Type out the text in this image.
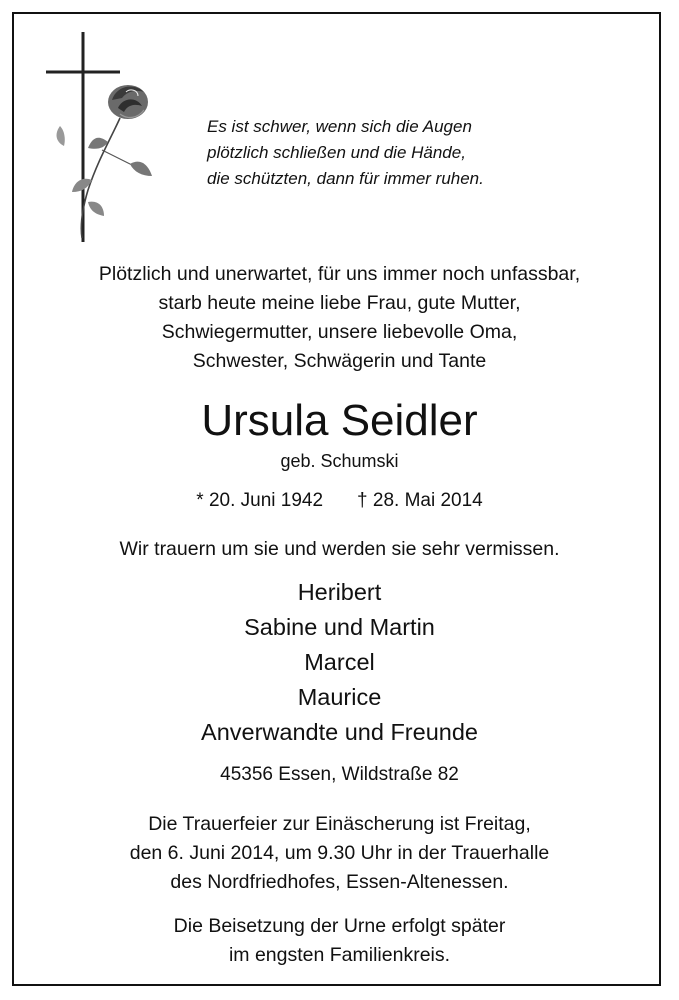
Es ist schwer, wenn sich die Augen
plötzlich schließen und die Hände,
die schützten, dann für immer ruhen.
Plötzlich und unerwartet, für uns immer noch unfassbar,
starb heute meine liebe Frau, gute Mutter,
Schwiegermutter, unsere liebevolle Oma,
Schwester, Schwägerin und Tante
Ursula Seidler
geb. Schumski
* 20. Juni 1942 † 28. Mai 2014
Wir trauern um sie und werden sie sehr vermissen.
Heribert
Sabine und Martin
Marcel
Maurice
Anverwandte und Freunde
45356 Essen, Wildstraße 82
Die Trauerfeier zur Einäscherung ist Freitag,
den 6. Juni 2014, um 9.30 Uhr in der Trauerhalle
des Nordfriedhofes, Essen-Altenessen.
Die Beisetzung der Urne erfolgt später
im engsten Familienkreis.
